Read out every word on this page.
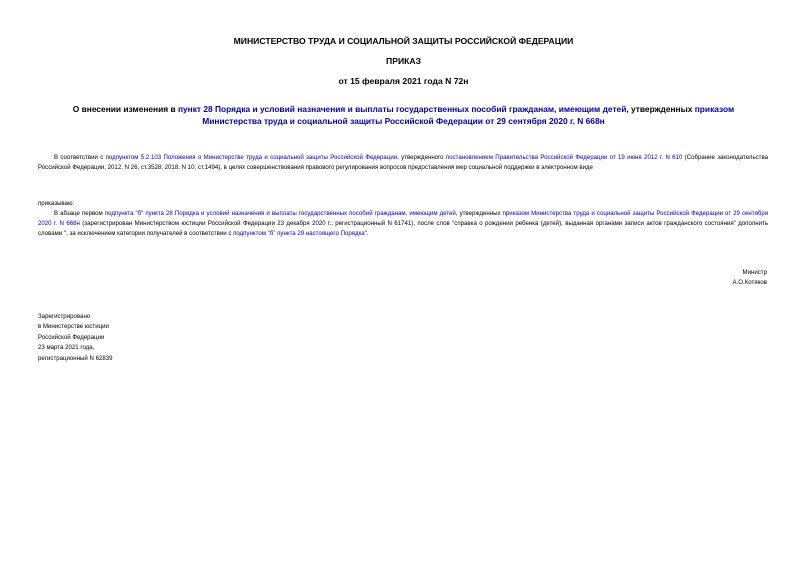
МИНИСТЕРСТВО ТРУДА И СОЦИАЛЬНОЙ ЗАЩИТЫ РОССИЙСКОЙ ФЕДЕРАЦИИ
ПРИКАЗ
от 15 февраля 2021 года N 72н
О внесении изменения в пункт 28 Порядка и условий назначения и выплаты государственных пособий гражданам, имеющим детей, утвержденных приказом Министерства труда и социальной защиты Российской Федерации от 29 сентября 2020 г. N 668н
В соответствии с подпунктом 5.2.103 Положения о Министерстве труда и социальной защиты Российской Федерации, утвержденного постановлением Правительства Российской Федерации от 19 июня 2012 г. N 610 (Собрание законодательства Российской Федерации, 2012, N 26, ст.3528; 2018, N 10, ст.1494), в целях совершенствования правового регулирования вопросов предоставления мер социальной поддержки в электронном виде
приказываю:
В абзаце первом подпункта "б" пункта 28 Порядка и условий назначения и выплаты государственных пособий гражданам, имеющим детей, утвержденных приказом Министерства труда и социальной защиты Российской Федерации от 29 сентября 2020 г. N 668н (зарегистрирован Министерством юстиции Российской Федерации 23 декабря 2020 г., регистрационный N 61741), после слов "справка о рождении ребенка (детей), выданная органами записи актов гражданского состояния" дополнить словами ", за исключением категории получателей в соответствии с подпунктом "б" пункта 29 настоящего Порядка".
Министр
А.О.Котяков
Зарегистрировано
в Министерстве юстиции
Российской Федерации
23 марта 2021 года,
регистрационный N 62839
